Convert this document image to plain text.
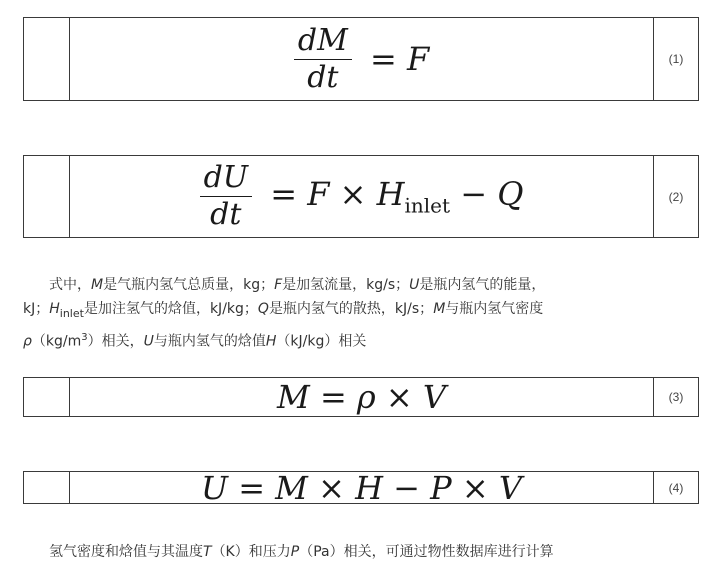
$\frac{dM}{dt} = F$	(1)
$\frac{dU}{dt} = F \times H_{inlet} - Q$	(2)
式中，M是气瓶内氢气总质量，kg；F是加氢流量，kg/s；U是瓶内氢气的能量，
kJ；$H_{inlet}$是加注氢气的焓值，kJ/kg；Q是瓶内氢气的散热，kJ/s；M与瓶内氢气密度
$\rho(kg/m^3)$相关，U与瓶内氢气的焓值H（kJ/kg）相关
M = ρ × V	(3)
U = M × H − P × V	(4)
氢气密度和焓值与其温度T（K）和压力P（Pa）相关，可通过物性数据库进行计算
